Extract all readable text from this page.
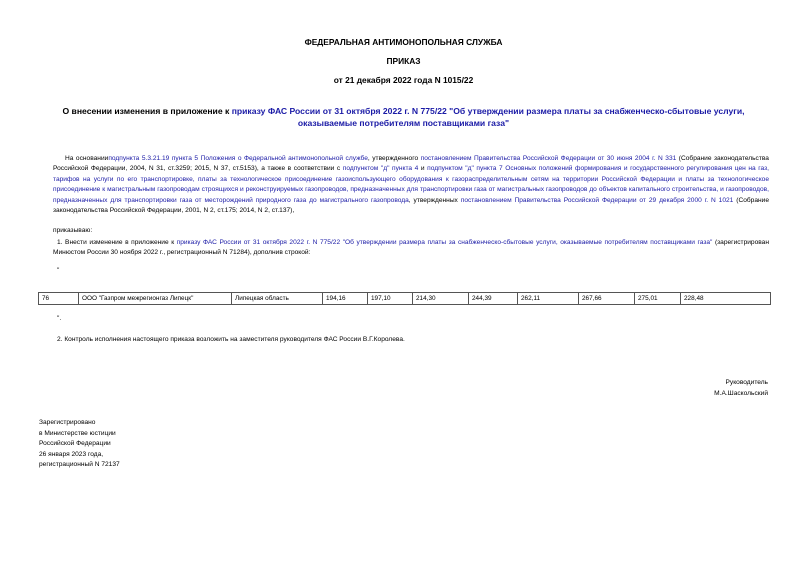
ФЕДЕРАЛЬНАЯ АНТИМОНОПОЛЬНАЯ СЛУЖБА
ПРИКАЗ
от 21 декабря 2022 года N 1015/22
О внесении изменения в приложение к приказу ФАС России от 31 октября 2022 г. N 775/22 "Об утверждении размера платы за снабженческо-сбытовые услуги,
оказываемые потребителям поставщиками газа"
На основанииподпункта 5.3.21.19 пункта 5 Положения о Федеральной антимонопольной службе, утвержденного постановлением Правительства Российской Федерации от 30 июня 2004 г. N 331 (Собрание законодательства Российской Федерации, 2004, N 31, ст.3259; 2015, N 37, ст.5153), а также в соответствии с подпунктом "д" пункта 4 и подпунктом "д" пункта 7 Основных положений формирования и государственного регулирования цен на газ, тарифов на услуги по его транспортировке, платы за технологическое присоединение газоиспользующего оборудования к газораспределительным сетям на территории Российской Федерации и платы за технологическое присоединение к магистральным газопроводам строящихся и реконструируемых газопроводов, предназначенных для транспортировки газа от магистральных газопроводов до объектов капитального строительства, и газопроводов, предназначенных для транспортировки газа от месторождений природного газа до магистрального газопровода, утвержденных постановлением Правительства Российской Федерации от 29 декабря 2000 г. N 1021 (Собрание законодательства Российской Федерации, 2001, N 2, ст.175; 2014, N 2, ст.137),
приказываю:
1. Внести изменение в приложение к приказу ФАС России от 31 октября 2022 г. N 775/22 "Об утверждении размера платы за снабженческо-сбытовые услуги, оказываемые потребителям поставщиками газа" (зарегистрирован Минюстом России 30 ноября 2022 г., регистрационный N 71284), дополнив строкой:
"
76	ООО "Газпром межрегионгаз Липецк"	Липецкая область	194,16	197,10	214,30	244,39	262,11	267,66	275,01	228,48
".
2. Контроль исполнения настоящего приказа возложить на заместителя руководителя ФАС России В.Г.Королева.
Руководитель
М.А.Шаскольский
Зарегистрировано
в Министерстве юстиции
Российской Федерации
26 января 2023 года,
регистрационный N 72137
